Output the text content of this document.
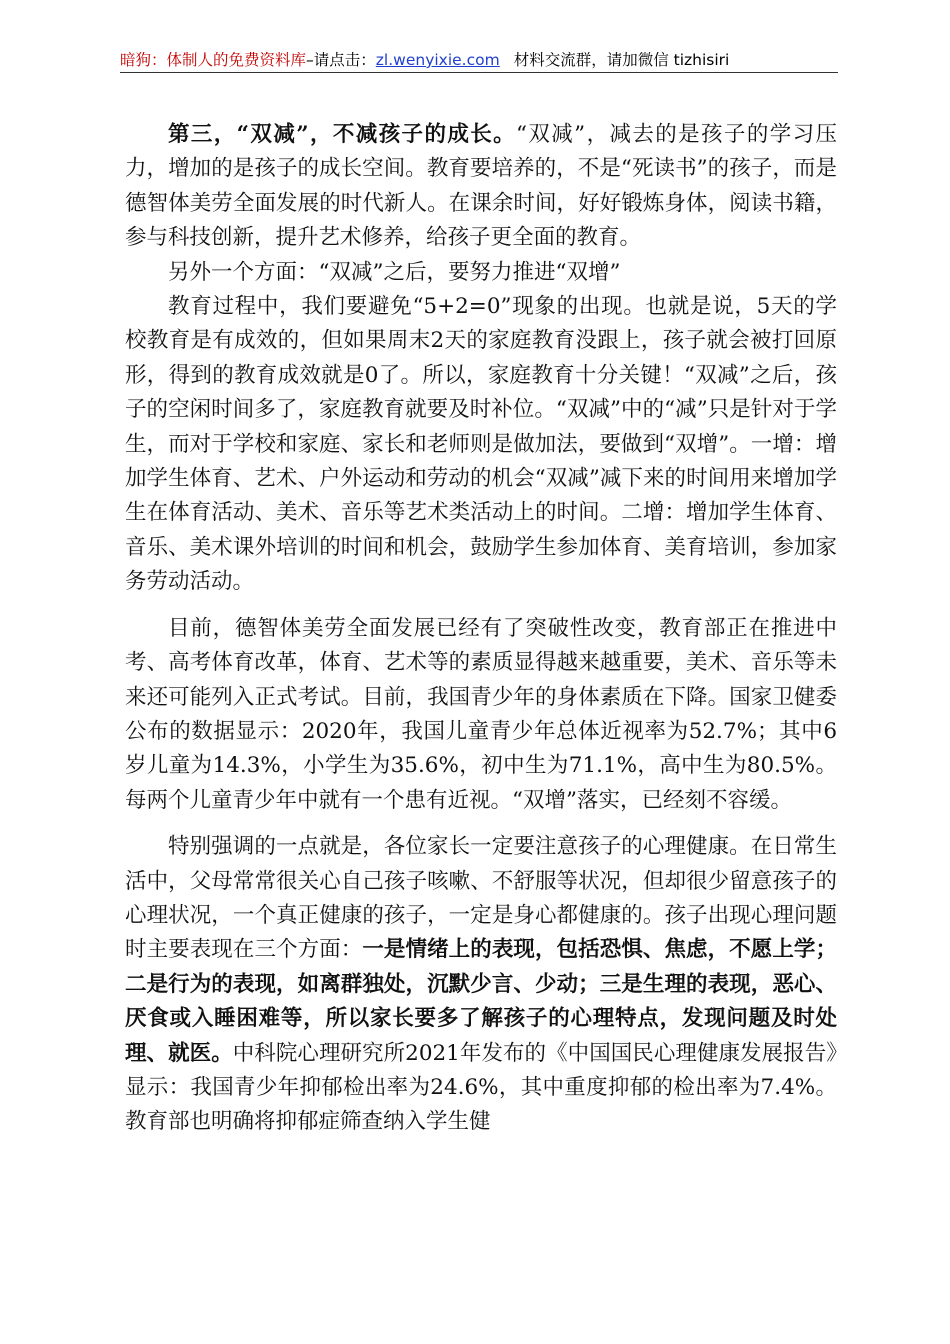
暗狗：体制人的免费资料库–请点击：zl.wenyixie.com 材料交流群，请加微信 tizhisiri

第三，“双减”，不减孩子的成长。“双减”，减去的是孩子的学习压力，增加的是孩子的成长空间。教育要培养的，不是“死读书”的孩子，而是德智体美劳全面发展的时代新人。在课余时间，好好锻炼身体，阅读书籍，参与科技创新，提升艺术修养，给孩子更全面的教育。

另外一个方面：“双减”之后，要努力推进“双增”

教育过程中，我们要避免“5+2=0”现象的出现。也就是说，5天的学校教育是有成效的，但如果周末2天的家庭教育没跟上，孩子就会被打回原形，得到的教育成效就是0了。所以，家庭教育十分关键！“双减”之后，孩子的空闲时间多了，家庭教育就要及时补位。“双减”中的“减”只是针对于学生，而对于学校和家庭、家长和老师则是做加法，要做到“双增”。一增：增加学生体育、艺术、户外运动和劳动的机会“双减”减下来的时间用来增加学生在体育活动、美术、音乐等艺术类活动上的时间。二增：增加学生体育、音乐、美术课外培训的时间和机会，鼓励学生参加体育、美育培训，参加家务劳动活动。

目前，德智体美劳全面发展已经有了突破性改变，教育部正在推进中考、高考体育改革，体育、艺术等的素质显得越来越重要，美术、音乐等未来还可能列入正式考试。目前，我国青少年的身体素质在下降。国家卫健委公布的数据显示：2020年，我国儿童青少年总体近视率为52.7%；其中6岁儿童为14.3%，小学生为35.6%，初中生为71.1%，高中生为80.5%。每两个儿童青少年中就有一个患有近视。“双增”落实，已经刻不容缓。

特别强调的一点就是，各位家长一定要注意孩子的心理健康。在日常生活中，父母常常很关心自己孩子咳嗽、不舒服等状况，但却很少留意孩子的心理状况，一个真正健康的孩子，一定是身心都健康的。孩子出现心理问题时主要表现在三个方面：一是情绪上的表现，包括恐惧、焦虑，不愿上学；二是行为的表现，如离群独处，沉默少言、少动；三是生理的表现，恶心、厌食或入睡困难等，所以家长要多了解孩子的心理特点，发现问题及时处理、就医。中科院心理研究所2021年发布的《中国国民心理健康发展报告》显示：我国青少年抑郁检出率为24.6%，其中重度抑郁的检出率为7.4%。教育部也明确将抑郁症筛查纳入学生健
